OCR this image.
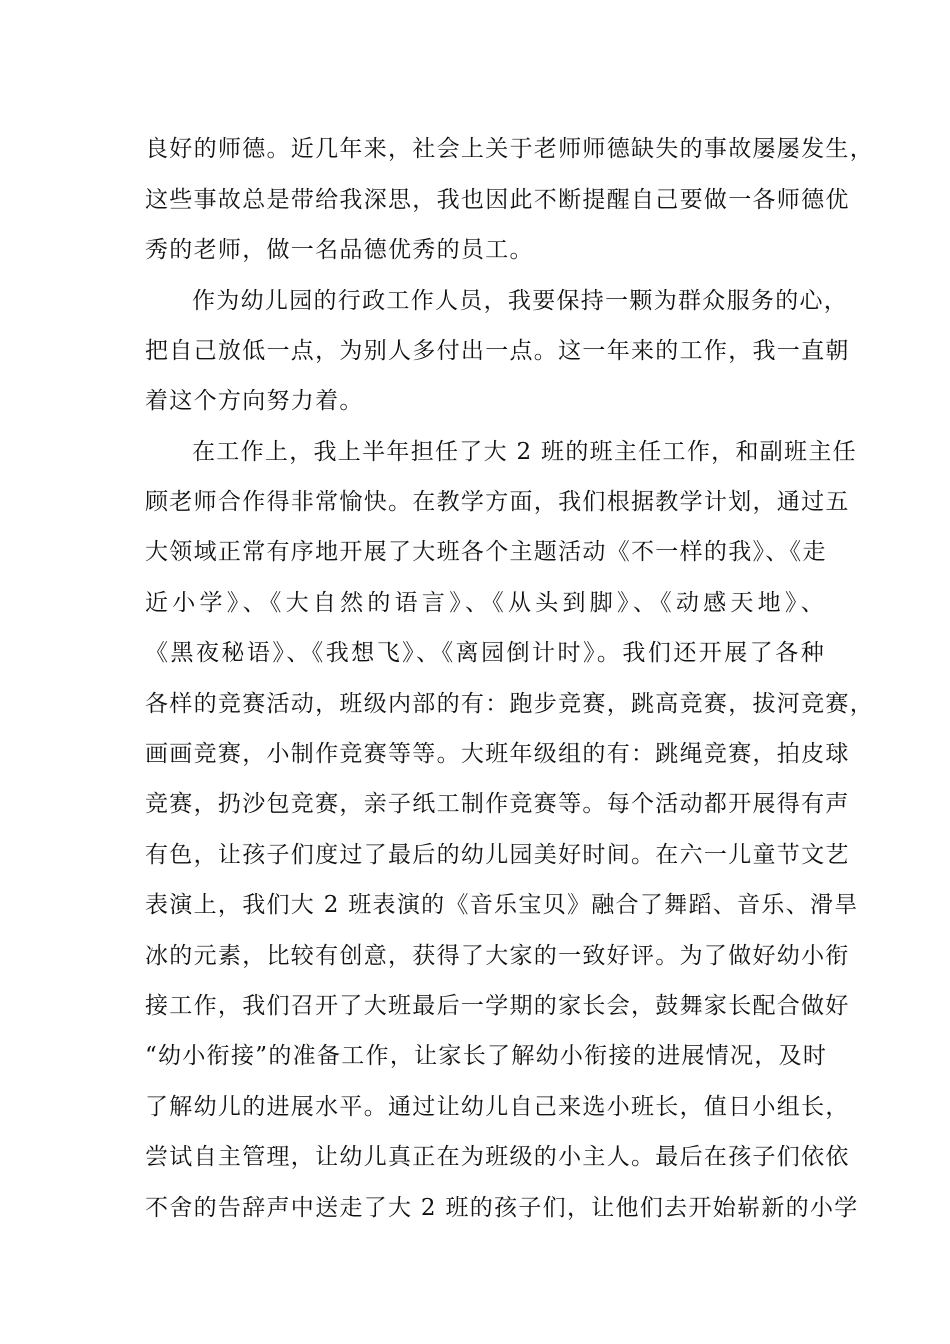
良好的师德。近几年来，社会上关于老师师德缺失的事故屡屡发生，
这些事故总是带给我深思，我也因此不断提醒自己要做一各师德优
秀的老师，做一名品德优秀的员工。
作为幼儿园的行政工作人员，我要保持一颗为群众服务的心，
把自己放低一点，为别人多付出一点。这一年来的工作，我一直朝
着这个方向努力着。
在工作上，我上半年担任了大 2 班的班主任工作，和副班主任
顾老师合作得非常愉快。在教学方面，我们根据教学计划，通过五
大领域正常有序地开展了大班各个主题活动《不一样的我》、《走
近小学》、《大自然的语言》、《从头到脚》、《动感天地》、
《黑夜秘语》、《我想飞》、《离园倒计时》。我们还开展了各种
各样的竞赛活动，班级内部的有：跑步竞赛，跳高竞赛，拔河竞赛，
画画竞赛，小制作竞赛等等。大班年级组的有：跳绳竞赛，拍皮球
竞赛，扔沙包竞赛，亲子纸工制作竞赛等。每个活动都开展得有声
有色，让孩子们度过了最后的幼儿园美好时间。在六一儿童节文艺
表演上，我们大 2 班表演的《音乐宝贝》融合了舞蹈、音乐、滑旱
冰的元素，比较有创意，获得了大家的一致好评。为了做好幼小衔
接工作，我们召开了大班最后一学期的家长会，鼓舞家长配合做好
“幼小衔接”的准备工作，让家长了解幼小衔接的进展情况，及时
了解幼儿的进展水平。通过让幼儿自己来选小班长，值日小组长，
尝试自主管理，让幼儿真正在为班级的小主人。最后在孩子们依依
不舍的告辞声中送走了大 2 班的孩子们，让他们去开始崭新的小学
